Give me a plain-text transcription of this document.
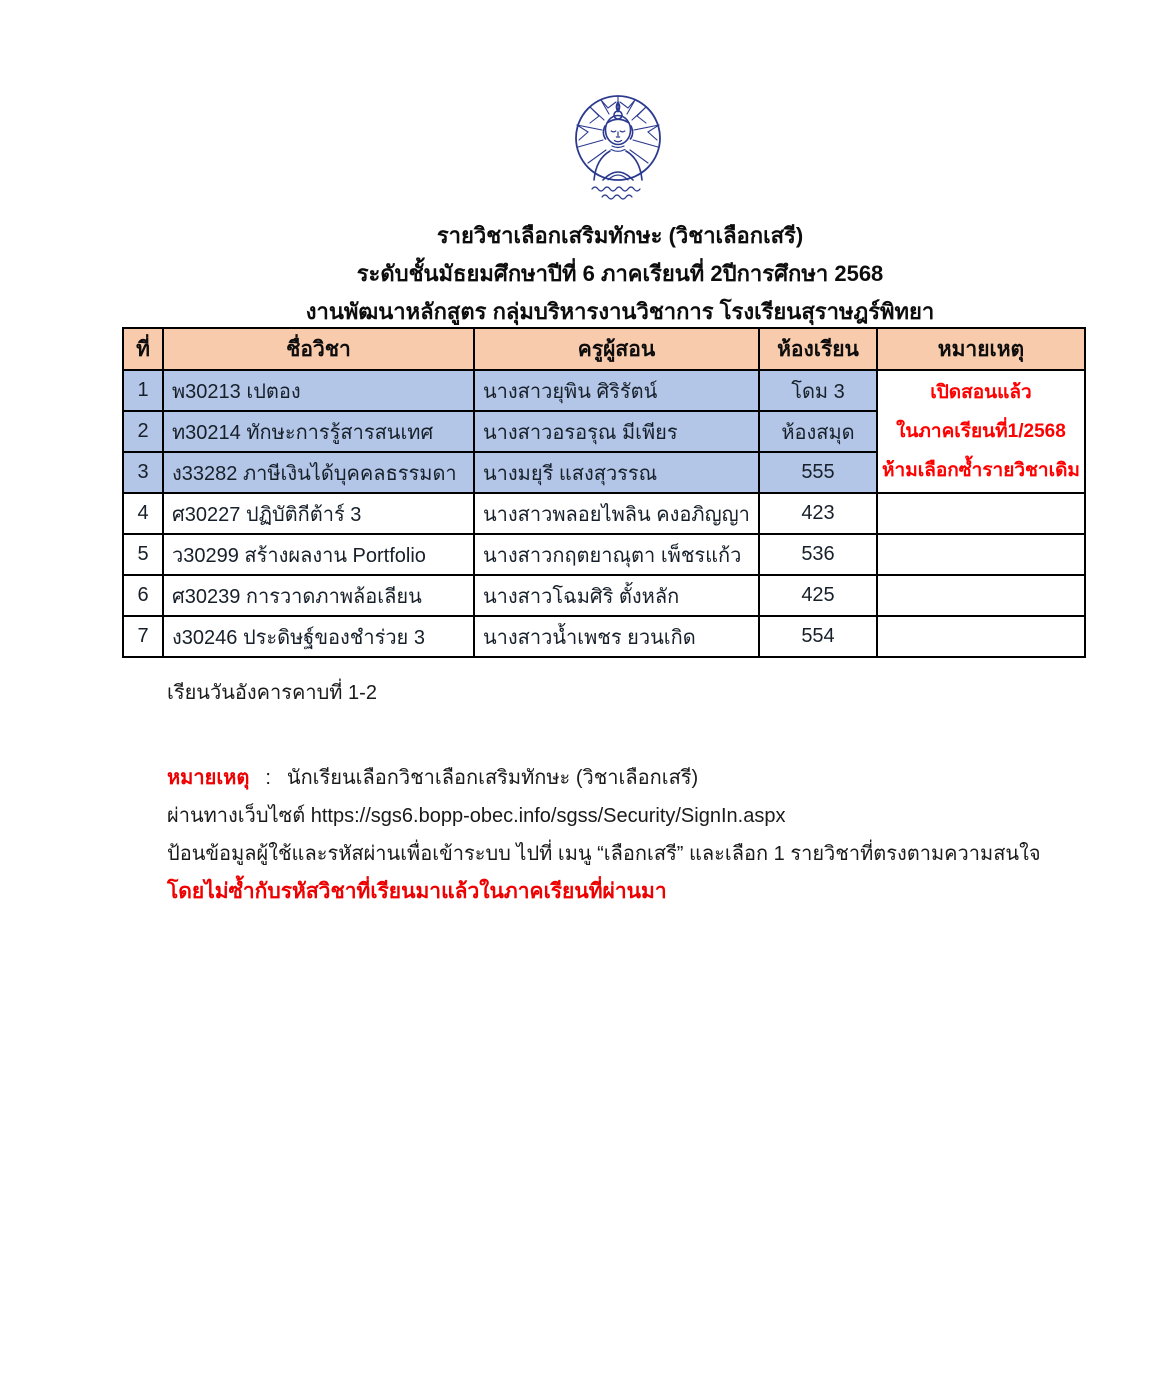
รายวิชาเลือกเสริมทักษะ (วิชาเลือกเสรี)
ระดับชั้นมัธยมศึกษาปีที่ 6 ภาคเรียนที่ 2ปีการศึกษา 2568
งานพัฒนาหลักสูตร กลุ่มบริหารงานวิชาการ โรงเรียนสุราษฎร์พิทยา
ที่	ชื่อวิชา	ครูผู้สอน	ห้องเรียน	หมายเหตุ
1	พ30213 เปตอง	นางสาวยุพิน ศิริรัตน์	โดม 3	เปิดสอนแล้ว
ในภาคเรียนที่1/2568
ห้ามเลือกซ้ำรายวิชาเดิม

2	ท30214 ทักษะการรู้สารสนเทศ	นางสาวอรอรุณ มีเพียร	ห้องสมุด	
3	ง33282 ภาษีเงินได้บุคคลธรรมดา	นางมยุรี แสงสุวรรณ	555	
4	ศ30227 ปฏิบัติกีต้าร์ 3	นางสาวพลอยไพลิน คงอภิญญา	423	
5	ว30299 สร้างผลงาน Portfolio	นางสาวกฤตยาณุตา เพ็ชรแก้ว	536	
6	ศ30239 การวาดภาพล้อเลียน	นางสาวโฉมศิริ ตั้งหลัก	425	
7	ง30246 ประดิษฐ์ของชำร่วย 3	นางสาวน้ำเพชร ยวนเกิด	554	
เรียนวันอังคารคาบที่ 1-2
หมายเหตุ : นักเรียนเลือกวิชาเลือกเสริมทักษะ (วิชาเลือกเสรี)
ผ่านทางเว็บไซต์ https://sgs6.bopp-obec.info/sgss/Security/SignIn.aspx
ป้อนข้อมูลผู้ใช้และรหัสผ่านเพื่อเข้าระบบ ไปที่ เมนู “เลือกเสรี” และเลือก 1 รายวิชาที่ตรงตามความสนใจ
โดยไม่ซ้ำกับรหัสวิชาที่เรียนมาแล้วในภาคเรียนที่ผ่านมา
